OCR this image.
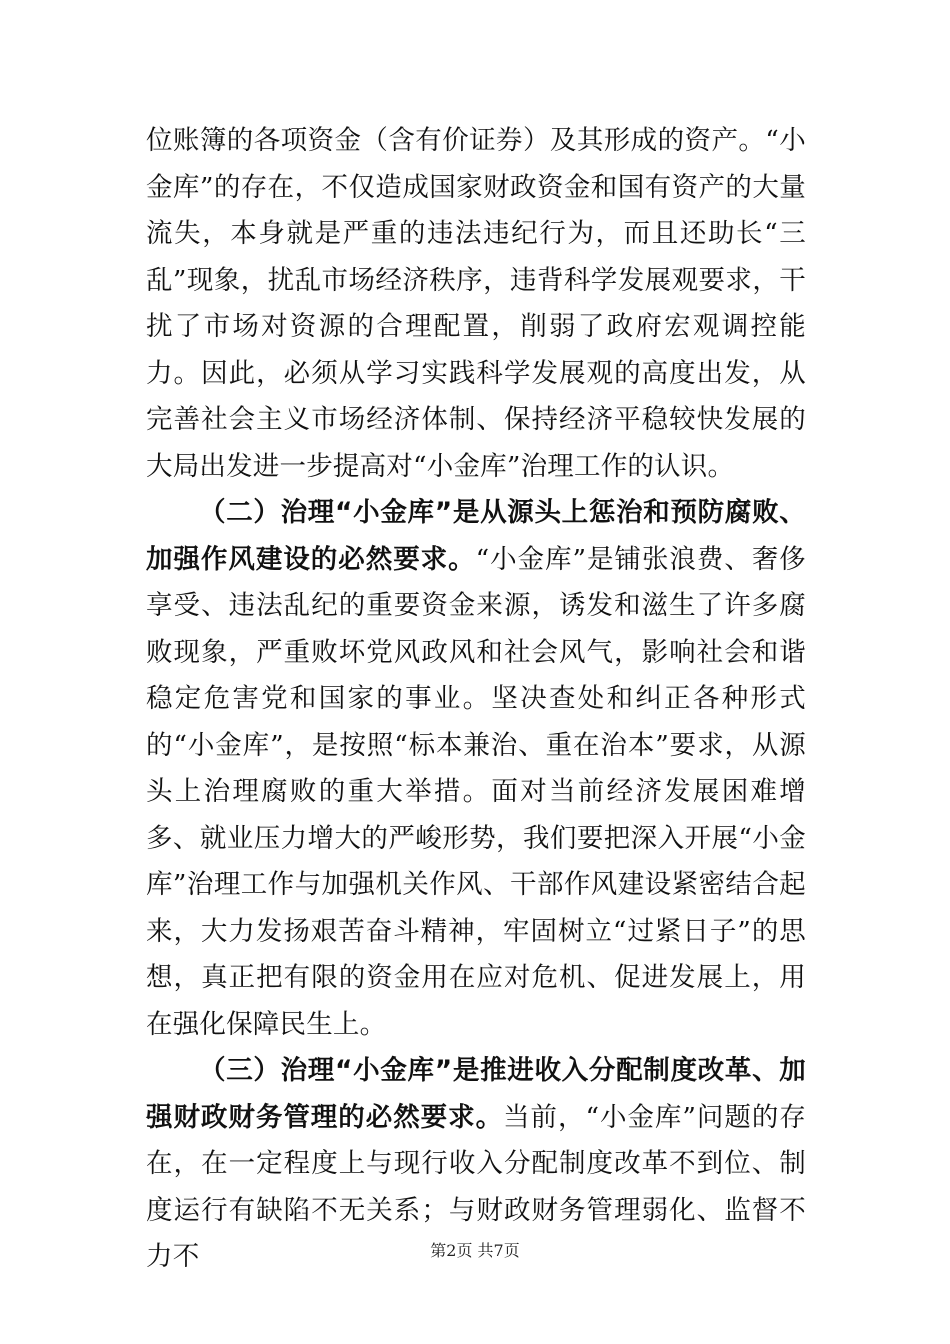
位账簿的各项资金（含有价证券）及其形成的资产。“小金库”的存在，不仅造成国家财政资金和国有资产的大量流失，本身就是严重的违法违纪行为，而且还助长“三乱”现象，扰乱市场经济秩序，违背科学发展观要求，干扰了市场对资源的合理配置，削弱了政府宏观调控能力。因此，必须从学习实践科学发展观的高度出发，从完善社会主义市场经济体制、保持经济平稳较快发展的大局出发进一步提高对“小金库”治理工作的认识。

（二）治理“小金库”是从源头上惩治和预防腐败、加强作风建设的必然要求。“小金库”是铺张浪费、奢侈享受、违法乱纪的重要资金来源，诱发和滋生了许多腐败现象，严重败坏党风政风和社会风气，影响社会和谐稳定危害党和国家的事业。坚决查处和纠正各种形式的“小金库”，是按照“标本兼治、重在治本”要求，从源头上治理腐败的重大举措。面对当前经济发展困难增多、就业压力增大的严峻形势，我们要把深入开展“小金库”治理工作与加强机关作风、干部作风建设紧密结合起来，大力发扬艰苦奋斗精神，牢固树立“过紧日子”的思想，真正把有限的资金用在应对危机、促进发展上，用在强化保障民生上。

（三）治理“小金库”是推进收入分配制度改革、加强财政财务管理的必然要求。当前，“小金库”问题的存在，在一定程度上与现行收入分配制度改革不到位、制度运行有缺陷不无关系；与财政财务管理弱化、监督不力不	第2页 共7页
